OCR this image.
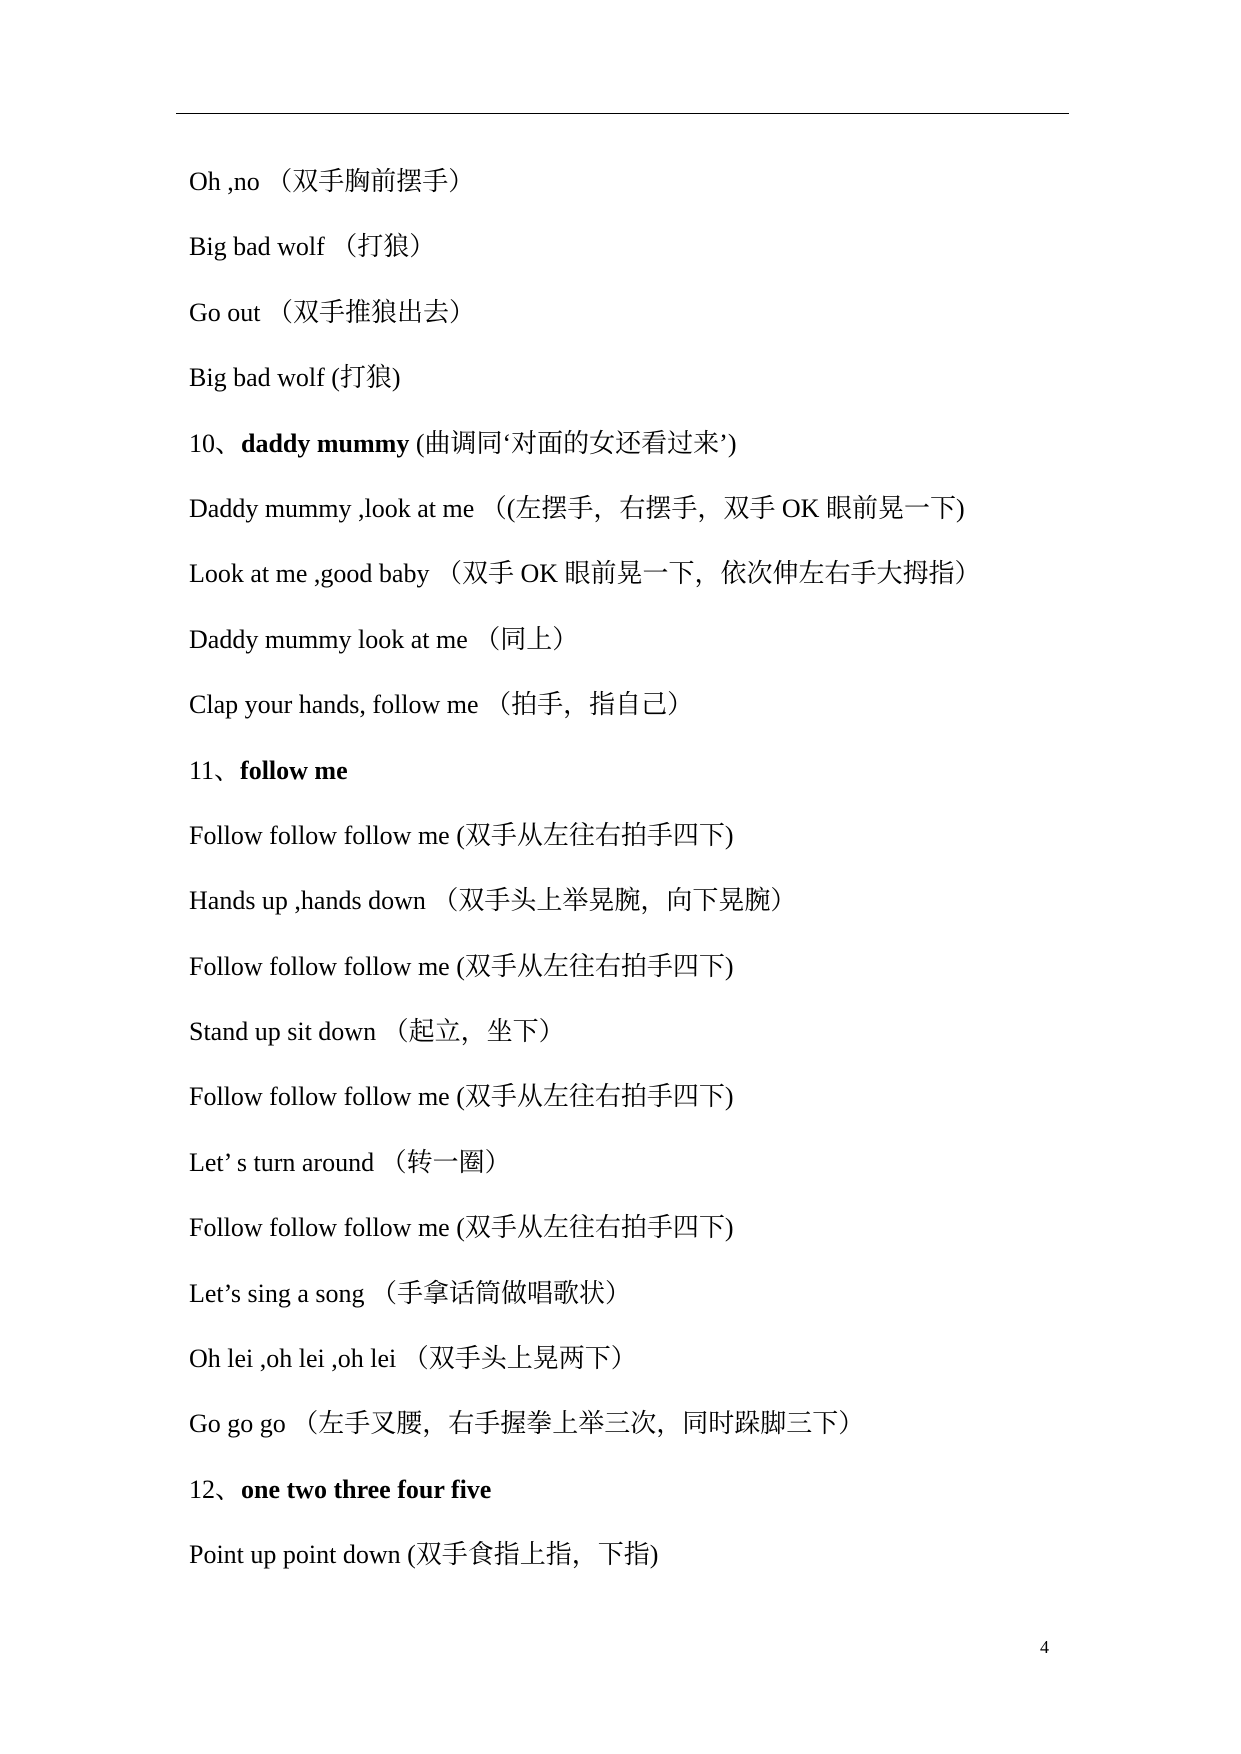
Oh ,no （双手胸前摆手）
Big bad wolf （打狼）
Go out （双手推狼出去）
Big bad wolf (打狼)
10、daddy mummy (曲调同‘对面的女还看过来’)
Daddy mummy ,look at me （(左摆手，右摆手，双手 OK 眼前晃一下)
Look at me ,good baby （双手 OK 眼前晃一下，依次伸左右手大拇指）
Daddy mummy look at me （同上）
Clap your hands, follow me （拍手，指自己）
11、follow me
Follow follow follow me (双手从左往右拍手四下)
Hands up ,hands down （双手头上举晃腕，向下晃腕）
Follow follow follow me (双手从左往右拍手四下)
Stand up sit down （起立，坐下）
Follow follow follow me (双手从左往右拍手四下)
Let’ s turn around （转一圈）
Follow follow follow me (双手从左往右拍手四下)
Let’s sing a song （手拿话筒做唱歌状）
Oh lei ,oh lei ,oh lei （双手头上晃两下）
Go go go （左手叉腰，右手握拳上举三次，同时跺脚三下）
12、one two three four five
Point up point down (双手食指上指，下指)
4
